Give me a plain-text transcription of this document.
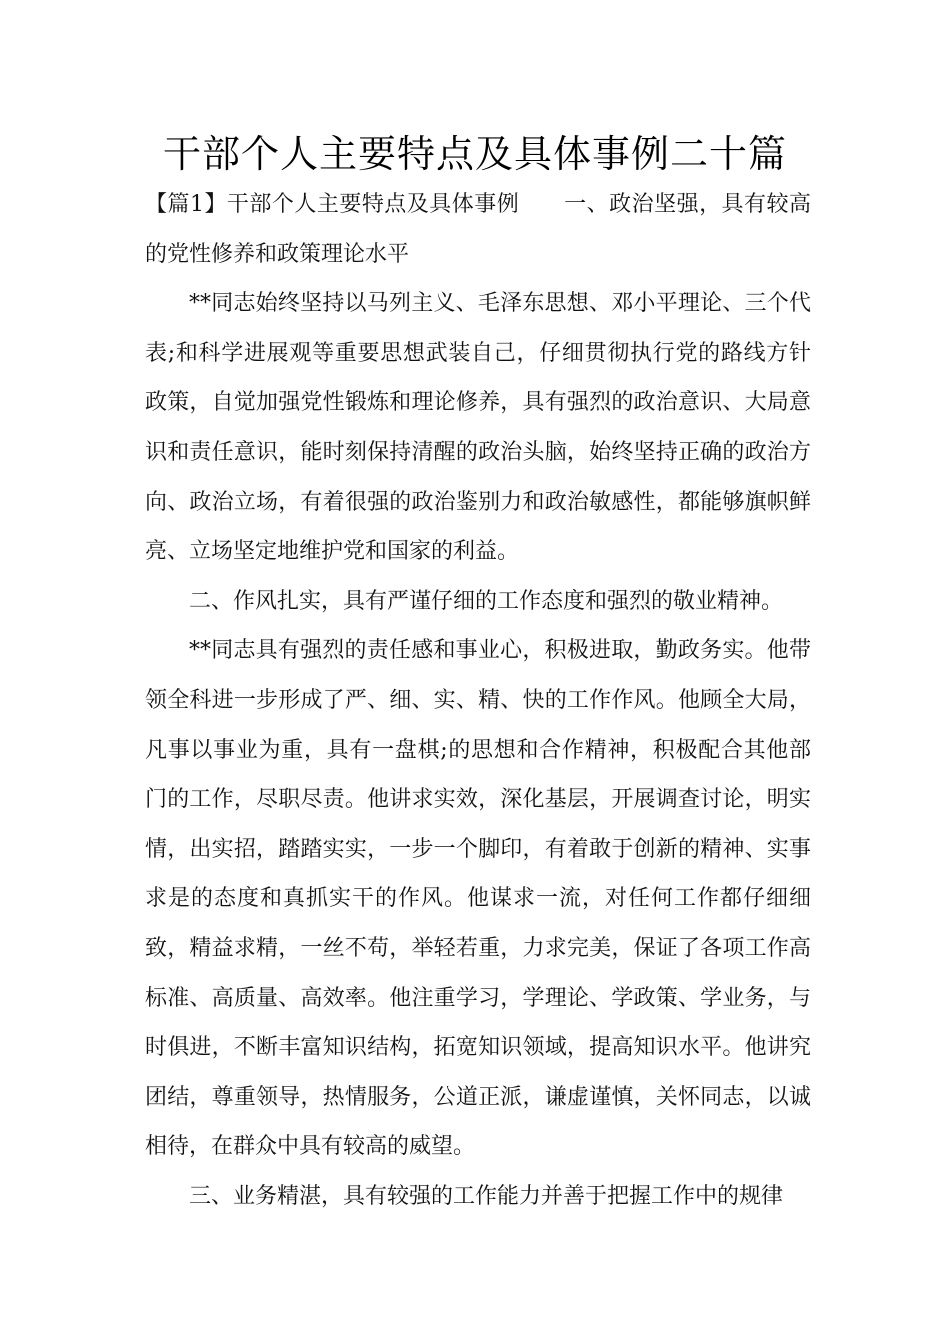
干部个人主要特点及具体事例二十篇

【篇1】干部个人主要特点及具体事例　　一、政治坚强，具有较高的党性修养和政策理论水平

**同志始终坚持以马列主义、毛泽东思想、邓小平理论、三个代表;和科学进展观等重要思想武装自己，仔细贯彻执行党的路线方针政策，自觉加强党性锻炼和理论修养，具有强烈的政治意识、大局意识和责任意识，能时刻保持清醒的政治头脑，始终坚持正确的政治方向、政治立场，有着很强的政治鉴别力和政治敏感性，都能够旗帜鲜亮、立场坚定地维护党和国家的利益。

二、作风扎实，具有严谨仔细的工作态度和强烈的敬业精神。

**同志具有强烈的责任感和事业心，积极进取，勤政务实。他带领全科进一步形成了严、细、实、精、快的工作作风。他顾全大局，凡事以事业为重，具有一盘棋;的思想和合作精神，积极配合其他部门的工作，尽职尽责。他讲求实效，深化基层，开展调查讨论，明实情，出实招，踏踏实实，一步一个脚印，有着敢于创新的精神、实事求是的态度和真抓实干的作风。他谋求一流，对任何工作都仔细细致，精益求精，一丝不苟，举轻若重，力求完美，保证了各项工作高标准、高质量、高效率。他注重学习，学理论、学政策、学业务，与时俱进，不断丰富知识结构，拓宽知识领域，提高知识水平。他讲究团结，尊重领导，热情服务，公道正派，谦虚谨慎，关怀同志，以诚相待，在群众中具有较高的威望。

三、业务精湛，具有较强的工作能力并善于把握工作中的规律
